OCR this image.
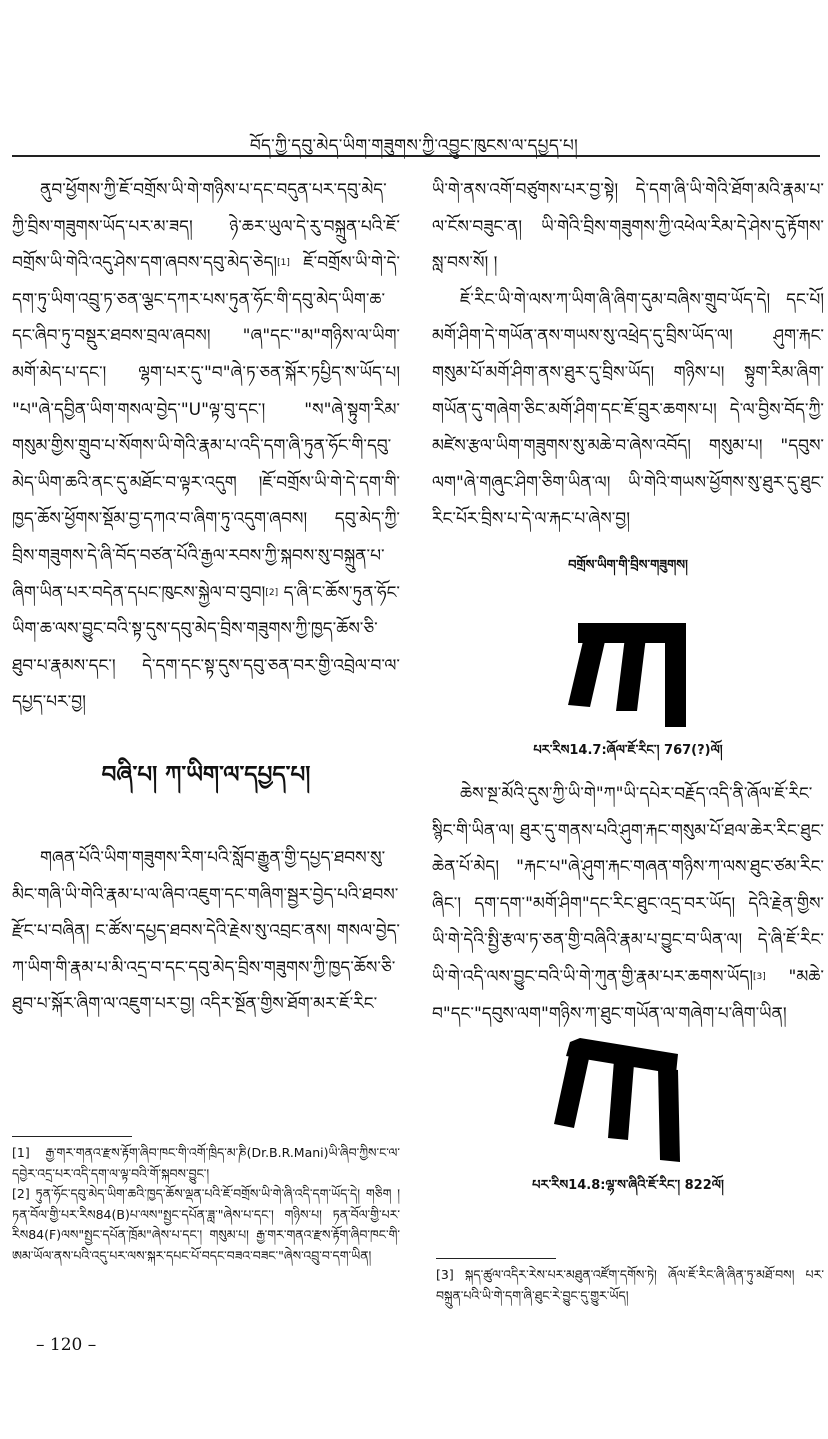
བོད་ཀྱི་དབུ་མེད་ཡིག་གཟུགས་ཀྱི་འབྱུང་ཁུངས་ལ་དཔྱད་པ།

ནུབ་ཕྱོགས་ཀྱི་ཇོ་བགྲོས་ཡི་གེ་གཉིས་པ་དང་བདུན་པར་དབུ་མེད་ཀྱི་བྲིས་གཟུགས་ཡོད་པར་མ་ཟད། ཉེ་ཆར་ཡུལ་དེ་རུ་བསྐྲུན་པའི་ཇོ་བགྲོས་ཡི་གེའི་འདུ་ཤེས་དག་ཞབས་དབུ་མེད་ཅེད།[1] ཇོ་བགྲོས་ཡི་གེ་དེ་དག་ཏུ་ཡིག་འབྲུ་ཏ་ཅན་ལྕང་དཀར་པས་ཏུན་ཧོང་གི་དབུ་མེད་ཡིག་ཆ་དང་ཞིབ་ཏུ་བསྡུར་ཐབས་བྲལ་ཞབས། "ཞ"དང་"མ"གཉིས་ལ་ཡིག་མགོ་མེད་པ་དང་། ལྷག་པར་དུ་"བ"ཞེ་ཏ་ཅན་སྐོར་ཏཔྱིད་ས་ཡོད་པ། "པ"ཞེ་དབྱིན་ཡིག་གསལ་བྱེད་"U"ལྟ་བུ་དང་། "ས"ཞེ་སྟུག་རིམ་གསུམ་གྱིས་གྲུབ་པ་སོགས་ཡི་གེའི་རྣམ་པ་འདི་དག་ཞི་ཏུན་ཧོང་གི་དབུ་མེད་ཡིག་ཆའི་ནང་དུ་མཐོང་བ་ལྟར་འདུག །ཇོ་བགྲོས་ཡི་གེ་དེ་དག་གི་ཁྱད་ཆོས་ཕྱོགས་སྡོམ་བྱ་དཀའ་བ་ཞིག་ཏུ་འདུག་ཞབས། དབུ་མེད་ཀྱི་བྲིས་གཟུགས་དེ་ཞི་བོད་བཙན་པོའི་རྒྱལ་རབས་ཀྱི་སྐབས་སུ་བསྐྲུན་པ་ཞིག་ཡིན་པར་བདེན་དཔང་ཁུངས་སྐྱེལ་བ་བུབ།[2] ད་ཞི་ང་ཆོས་ཏུན་ཧོང་ཡིག་ཆ་ལས་བྱུང་བའི་སྟ་དུས་དབུ་མེད་བྲིས་གཟུགས་ཀྱི་ཁྱད་ཆོས་ཅི་ཐུབ་པ་རྣམས་དང་། དེ་དག་དང་སྟ་དུས་དབུ་ཅན་བར་གྱི་འབྲེལ་བ་ལ་དཔྱད་པར་བྱ།

བཞི་པ། ཀ་ཡིག་ལ་དཔྱད་པ།

གཞན་པོའི་ཡིག་གཟུགས་རིག་པའི་སློབ་རྒྱུན་གྱི་དཔྱད་ཐབས་སུ་མིང་གཞི་ཡི་གེའི་རྣམ་པ་ལ་ཞིབ་འཇུག་དང་གཞིག་སྦྱར་བྱེད་པའི་ཐབས་རྫོང་པ་བཞིན། ང་ཚོས་དཔྱད་ཐབས་དེའི་རྗེས་སུ་འབྲང་ནས། གསལ་བྱེད་ཀ་ཡིག་གི་རྣམ་པ་མི་འདྲ་བ་དང་དབུ་མེད་བྲིས་གཟུགས་ཀྱི་ཁྱད་ཆོས་ཅི་ཐུབ་པ་སྐོར་ཞིག་ལ་འཇུག་པར་བྱ། འདིར་སྔོན་གྱིས་ཐོག་མར་ཇོ་རིང་

[1] རྒྱ་གར་གནའ་རྫས་རྟོག་ཞིབ་ཁང་གི་འགོ་ཁྲིད་མ་ཎི(Dr.B.R.Mani)ཡི་ཞིབ་ཀྱིས་ང་ལ་དབྱེར་འདྲ་པར་འདི་དག་ལ་ལྟ་བའི་གོ་སྐབས་བྱུང་།

[2] ཏུན་ཧོང་དབུ་མེད་ཡིག་ཆའི་ཁྱད་ཆོས་ལྡན་པའི་ཇོ་བགྲོས་ཡི་གེ་ཞི་འདི་དག་ཡོད་དེ། གཅིག །ཏན་བོལ་གྱི་པར་རིས84(B)པ་ལས"སྤྱང་དཔོན་ཟླ་"ཞེས་པ་དང་། གཉིས་པ། ཏན་བོལ་གྱི་པར་རིས84(F)ལས"སྤྱང་དཔོན་ཁྲོམ"ཞེས་པ་དང་། གསུམ་པ། རྒྱ་གར་གནའ་རྫས་རྟོག་ཞིབ་ཁང་གི་ཨམ་ཡོལ་ནས་པའི་འདུ་པར་ལས་སྐར་དཔང་པོ་བདང་བཟའ་བཟང་"ཞེས་འབྲུ་བ་དག་ཡིན།

ཡི་གེ་ནས་འགོ་བཙུགས་པར་བྱ་སྟེ། དེ་དག་ཞི་ཡི་གེའི་ཐོག་མའི་རྣམ་པ་ལ་ངོས་བཟུང་ན། ཡི་གེའི་བྲིས་གཟུགས་ཀྱི་འཕེལ་རིམ་དེ་ཤེས་དུ་རྟོགས་སླ་བས་སོ། །

ཇོ་རིང་ཡི་གེ་ལས་ཀ་ཡིག་ཞི་ཞིག་དུམ་བཞིས་གྲུབ་ཡོད་དེ། དང་པོ། མགོ་ཤིག་དེ་གཡོན་ནས་གཡས་སུ་འཕྲེད་དུ་བྲིས་ཡོད་ལ། ཤུག་རྐང་གསུམ་པོ་མགོ་ཤིག་ནས་ཐུར་དུ་བྲིས་ཡོད། གཉིས་པ། སྟུག་རིམ་ཞིག་གཡོན་དུ་གཞེག་ཅིང་མགོ་ཤིག་དང་ཇོ་བྲུར་ཆགས་པ། དེ་ལ་བྱིས་བོད་ཀྱི་མཛེས་རྩལ་ཡིག་གཟུགས་སུ་མཆེ་བ་ཞེས་འབོད། གསུམ་པ། "དབུས་ལག"ཞེ་གཞུང་ཤིག་ཅིག་ཡིན་ལ། ཡི་གེའི་གཡས་ཕྱོགས་སུ་ཐུར་དུ་ཐུང་རིང་པོར་བྲིས་པ་དེ་ལ་རྐང་པ་ཞེས་བྱ།

བགྲོས་ཡིག་གི་བྲིས་གཟུགས།
པར་རིས14.7:ཞོལ་ཇོ་རིང་། 767(?)ལོ།

ཆེས་སྔ་མོའི་དུས་ཀྱི་ཡི་གེ"ཀ"ཡི་དཔེར་བརྗོད་འདི་ནི་ཞོལ་ཇོ་རིང་སྙིང་གི་ཡིན་ལ། ཐུར་དུ་གནས་པའི་ཤུག་རྐང་གསུམ་པོ་ཐལ་ཆེར་རིང་ཐུང་ཆེན་པོ་མེད། "རྐང་པ"ཞེ་ཤུག་རྐང་གཞན་གཉིས་ཀ་ལས་ཐུང་ཙམ་རིང་ཞིང་། དག་དག་"མགོ་ཤིག"དང་རིང་ཐུང་འདྲ་བར་ཡོད། དེའི་རྗེན་གྱིས་ཡི་གེ་དེའི་སྤྱི་རྩལ་ཏ་ཅན་གྱི་བཞིའི་རྣམ་པ་བྱུང་བ་ཡིན་ལ། དེ་ཞི་ཇོ་རིང་ཡི་གེ་འདི་ལས་བྱུང་བའི་ཡི་གེ་ཀུན་གྱི་རྣམ་པར་ཆགས་ཡོད།[3] "མཆེ་བ"དང་"དབུས་ལག"གཉིས་ཀ་ཐུང་གཡོན་ལ་གཞེག་པ་ཞིག་ཡིན།

པར་རིས14.8:ལྷ་ས་ཞིའི་ཇོ་རིང་། 822ལོ།

[3] སྐད་ཚུལ་འདིར་རེས་པར་མཐུན་འཛོག་དགོས་ཏེ། ཞོལ་ཇོ་རིང་ཞི་ཞིན་ཏུ་མཐོ་བས། པར་བསྐྲུན་པའི་ཡི་གེ་དག་ཞི་ཐུང་རེ་བྱུང་དུ་གྱུར་ཡོད།

– 120 –
